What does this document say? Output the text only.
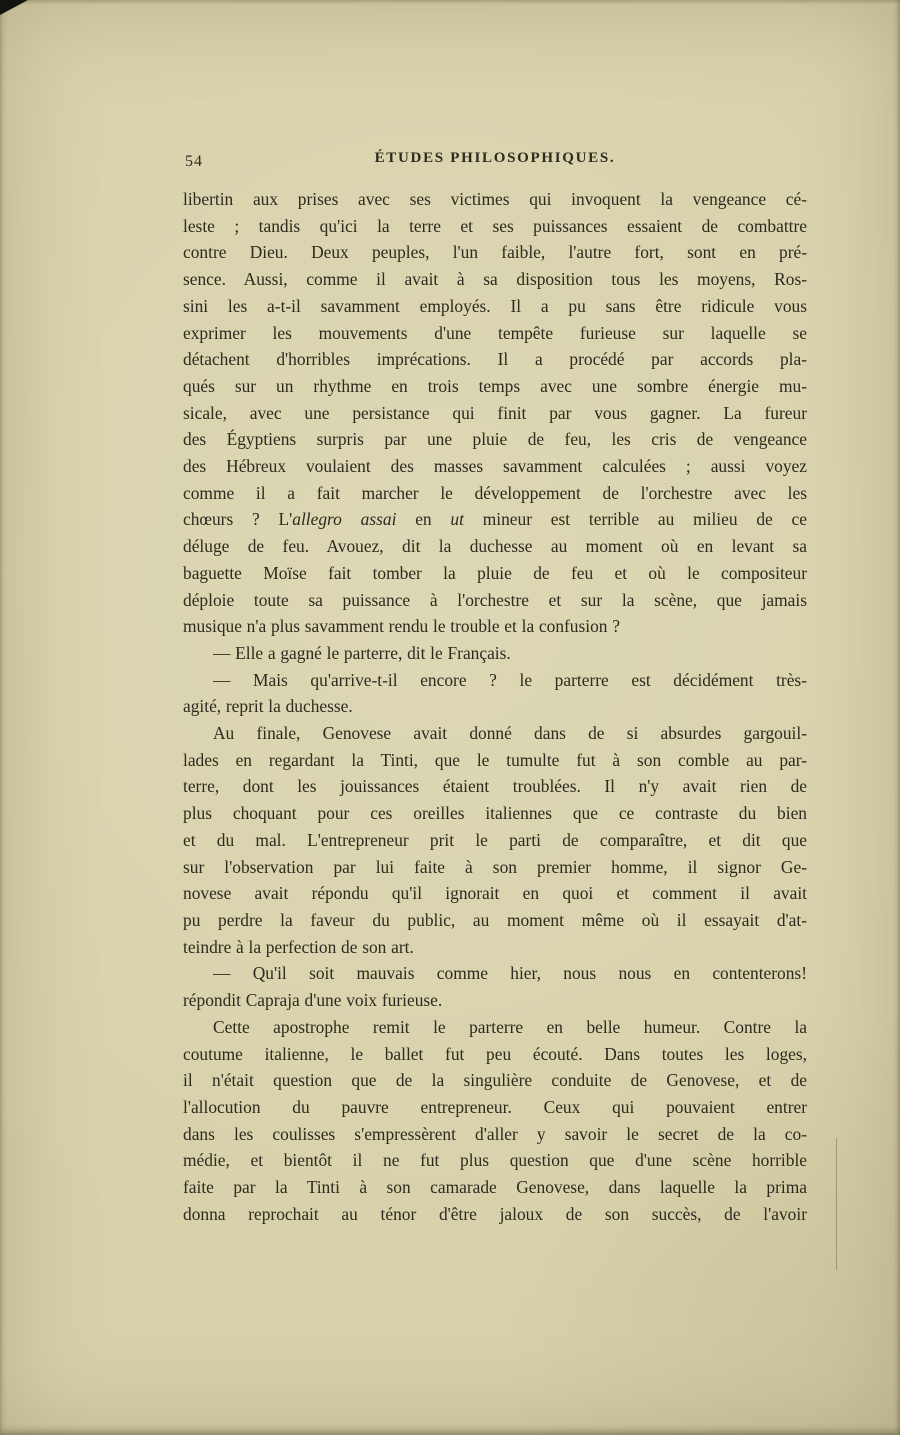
54	ÉTUDES PHILOSOPHIQUES.
libertin aux prises avec ses victimes qui invoquent la vengeance cé-
leste ; tandis qu'ici la terre et ses puissances essaient de combattre
contre Dieu. Deux peuples, l'un faible, l'autre fort, sont en pré-
sence. Aussi, comme il avait à sa disposition tous les moyens, Ros-
sini les a-t-il savamment employés. Il a pu sans être ridicule vous
exprimer les mouvements d'une tempête furieuse sur laquelle se
détachent d'horribles imprécations. Il a procédé par accords pla-
qués sur un rhythme en trois temps avec une sombre énergie mu-
sicale, avec une persistance qui finit par vous gagner. La fureur
des Égyptiens surpris par une pluie de feu, les cris de vengeance
des Hébreux voulaient des masses savamment calculées ; aussi voyez
comme il a fait marcher le développement de l'orchestre avec les
chœurs ? L'allegro assai en ut mineur est terrible au milieu de ce
déluge de feu. Avouez, dit la duchesse au moment où en levant sa
baguette Moïse fait tomber la pluie de feu et où le compositeur
déploie toute sa puissance à l'orchestre et sur la scène, que jamais
musique n'a plus savamment rendu le trouble et la confusion ?
— Elle a gagné le parterre, dit le Français.
— Mais qu'arrive-t-il encore ? le parterre est décidément très-
agité, reprit la duchesse.
Au finale, Genovese avait donné dans de si absurdes gargouil-
lades en regardant la Tinti, que le tumulte fut à son comble au par-
terre, dont les jouissances étaient troublées. Il n'y avait rien de
plus choquant pour ces oreilles italiennes que ce contraste du bien
et du mal. L'entrepreneur prit le parti de comparaître, et dit que
sur l'observation par lui faite à son premier homme, il signor Ge-
novese avait répondu qu'il ignorait en quoi et comment il avait
pu perdre la faveur du public, au moment même où il essayait d'at-
teindre à la perfection de son art.
— Qu'il soit mauvais comme hier, nous nous en contenterons!
répondit Capraja d'une voix furieuse.
Cette apostrophe remit le parterre en belle humeur. Contre la
coutume italienne, le ballet fut peu écouté. Dans toutes les loges,
il n'était question que de la singulière conduite de Genovese, et de
l'allocution du pauvre entrepreneur. Ceux qui pouvaient entrer
dans les coulisses s'empressèrent d'aller y savoir le secret de la co-
médie, et bientôt il ne fut plus question que d'une scène horrible
faite par la Tinti à son camarade Genovese, dans laquelle la prima
donna reprochait au ténor d'être jaloux de son succès, de l'avoir
